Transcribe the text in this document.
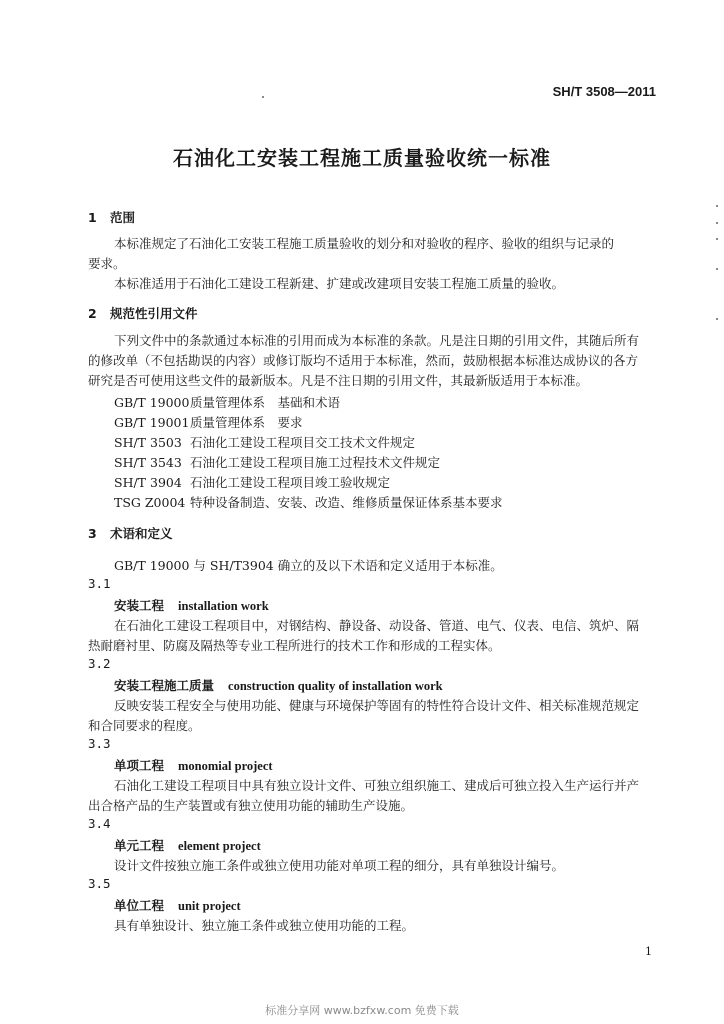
SH/T 3508—2011
石油化工安装工程施工质量验收统一标准
1 范围
本标准规定了石油化工安装工程施工质量验收的划分和对验收的程序、验收的组织与记录的
要求。
本标准适用于石油化工建设工程新建、扩建或改建项目安装工程施工质量的验收。
2 规范性引用文件
下列文件中的条款通过本标准的引用而成为本标准的条款。凡是注日期的引用文件，其随后所有
的修改单（不包括勘误的内容）或修订版均不适用于本标准，然而，鼓励根据本标准达成协议的各方
研究是否可使用这些文件的最新版本。凡是不注日期的引用文件，其最新版适用于本标准。
GB/T 19000质量管理体系　基础和术语
GB/T 19001质量管理体系　要求
SH/T 3503 石油化工建设工程项目交工技术文件规定
SH/T 3543 石油化工建设工程项目施工过程技术文件规定
SH/T 3904 石油化工建设工程项目竣工验收规定
TSG Z0004 特种设备制造、安装、改造、维修质量保证体系基本要求
3 术语和定义
GB/T 19000 与 SH/T3904 确立的及以下术语和定义适用于本标准。
3.1
安装工程 installation work
在石油化工建设工程项目中，对钢结构、静设备、动设备、管道、电气、仪表、电信、筑炉、隔
热耐磨衬里、防腐及隔热等专业工程所进行的技术工作和形成的工程实体。
3.2
安装工程施工质量 construction quality of installation work
反映安装工程安全与使用功能、健康与环境保护等固有的特性符合设计文件、相关标准规范规定
和合同要求的程度。
3.3
单项工程 monomial project
石油化工建设工程项目中具有独立设计文件、可独立组织施工、建成后可独立投入生产运行并产
出合格产品的生产装置或有独立使用功能的辅助生产设施。
3.4
单元工程 element project
设计文件按独立施工条件或独立使用功能对单项工程的细分，具有单独设计编号。
3.5
单位工程 unit project
具有单独设计、独立施工条件或独立使用功能的工程。
1
标准分享网 www.bzfxw.com 免费下载
